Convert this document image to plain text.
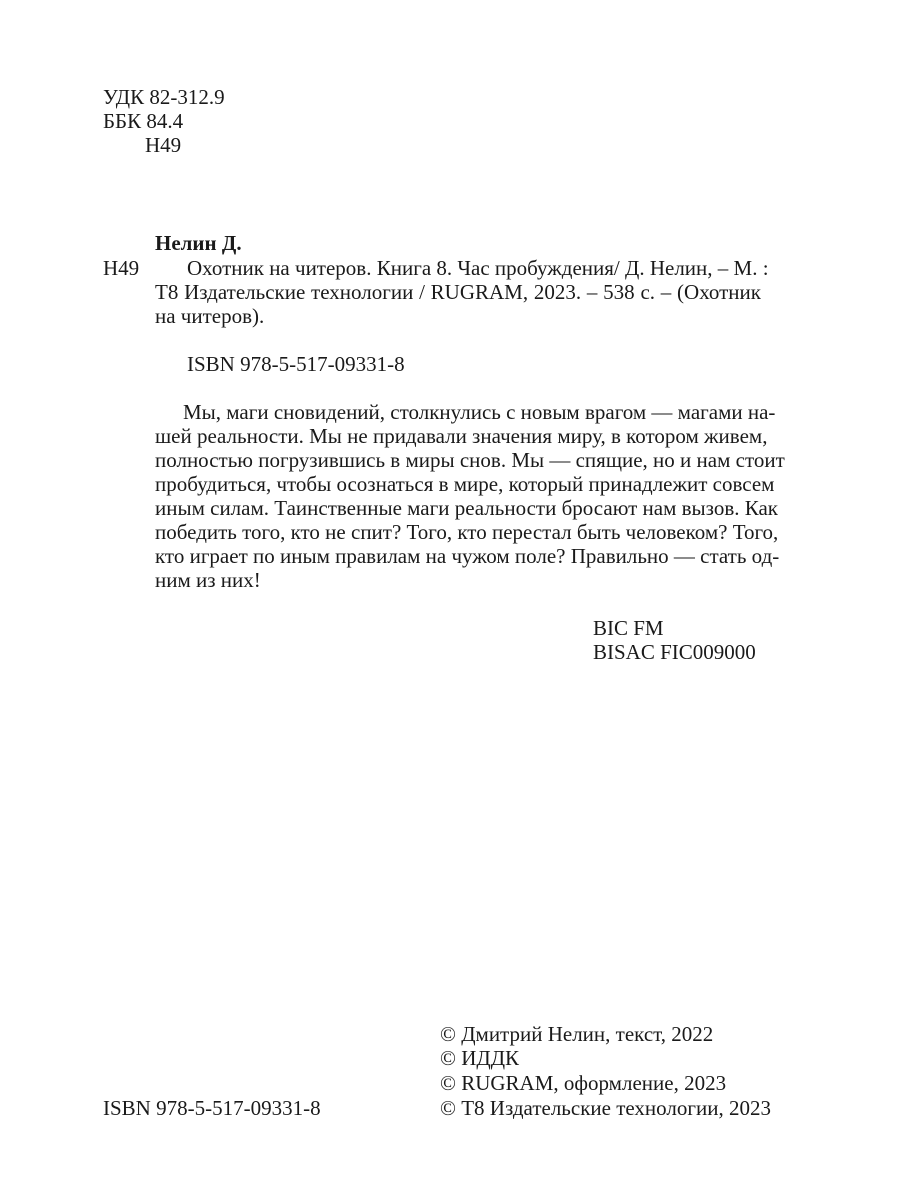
УДК 82-312.9
ББК 84.4
Н49
Нелин Д.
Н49 Охотник на читеров. Книга 8. Час пробуждения/ Д. Нелин, – М. :
Т8 Издательские технологии / RUGRAM, 2023. – 538 с. – (Охотник
на читеров).
ISBN 978-5-517-09331-8
Мы, маги сновидений, столкнулись с новым врагом — магами на-
шей реальности. Мы не придавали значения миру, в котором живем,
полностью погрузившись в миры снов. Мы — спящие, но и нам стоит
пробудиться, чтобы осознаться в мире, который принадлежит совсем
иным силам. Таинственные маги реальности бросают нам вызов. Как
победить того, кто не спит? Того, кто перестал быть человеком? Того,
кто играет по иным правилам на чужом поле? Правильно — стать од-
ним из них!
BIC FM
BISAC FIC009000
ISBN 978-5-517-09331-8
© Дмитрий Нелин, текст, 2022
© ИДДК
© RUGRAM, оформление, 2023
© Т8 Издательские технологии, 2023
